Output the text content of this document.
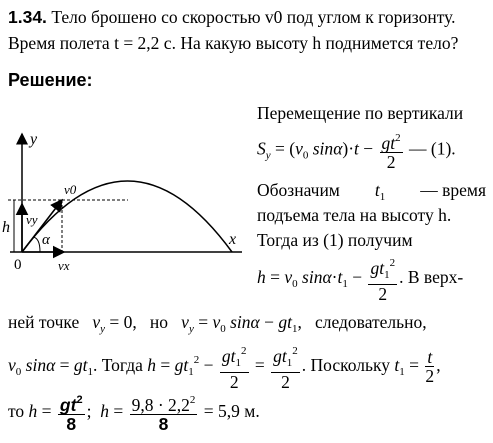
1.34. Тело брошено со скоростью v0 под углом к горизонту.
Время полета t = 2,2 с. На какую высоту h поднимется тело?
Решение:
y
x
0
h
v0
vy
vx
α
Перемещение по вертикали
$S_y = (v_0$ $\sin\alpha)\cdot t - \frac{gt^2}{2}$ — (1).
Обозначим $t_1$ — время
подъема тела на высоту h.
Тогда из (1) получим
$h = v_0$ $\sin\alpha\cdot t_1 - \frac{gt_1^2}{2}$ . В верх-
ней точке $v_y = 0$,   но $v_y = v_0$ $\sin\alpha - gt_1$,   следовательно,
$v_0$ $\sin\alpha = gt_1$. Тогда $h = gt_1^2 - \frac{gt_1^2}{2} = \frac{gt_1^2}{2}$ . Поскольку $t_1 = \frac{t}{2}$ ,
то $h = \frac{gt^2}{8}$ ;  $h = \frac{9,8 \cdot 2,2^2}{8} = 5,9$ м.
